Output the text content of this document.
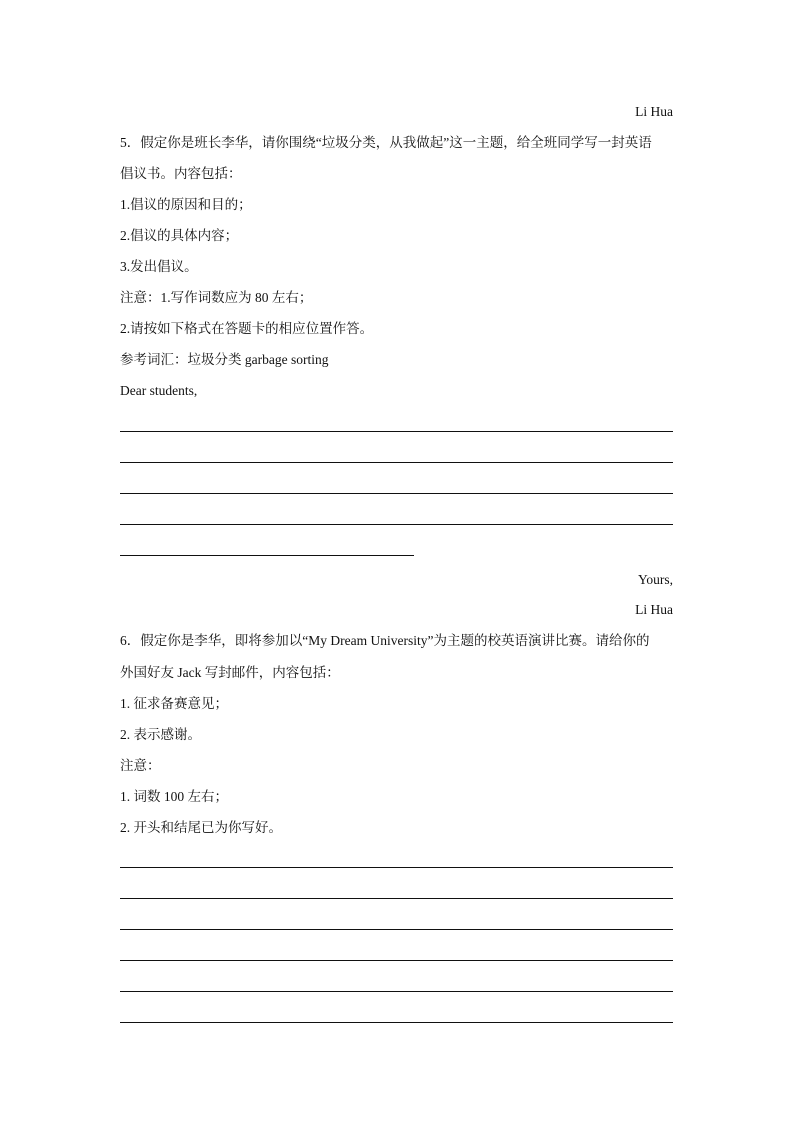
Li Hua
5．假定你是班长李华，请你围绕“垃圾分类，从我做起”这一主题，给全班同学写一封英语
倡议书。内容包括：
1.倡议的原因和目的；
2.倡议的具体内容；
3.发出倡议。
注意：1.写作词数应为 80 左右；
2.请按如下格式在答题卡的相应位置作答。
参考词汇：垃圾分类 garbage sorting
Dear students,
Yours,
Li Hua
6．假定你是李华，即将参加以“My Dream University”为主题的校英语演讲比赛。请给你的
外国好友 Jack 写封邮件，内容包括：
1. 征求备赛意见；
2. 表示感谢。
注意：
1. 词数 100 左右；
2. 开头和结尾已为你写好。
